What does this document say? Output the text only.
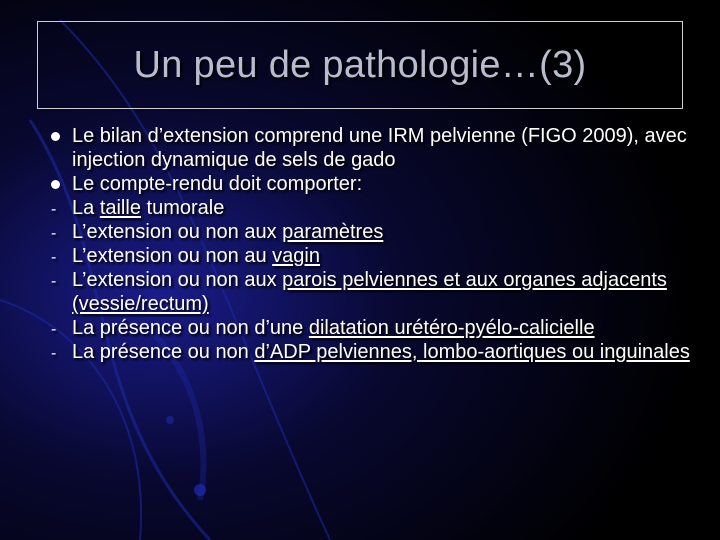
Un peu de pathologie…(3)
Le bilan d’extension comprend une IRM pelvienne (FIGO 2009), avec injection dynamique de sels de gado
Le compte-rendu doit comporter:
- La taille tumorale
- L’extension ou non aux paramètres
- L’extension ou non au vagin
- L’extension ou non aux parois pelviennes et aux organes adjacents (vessie/rectum)
- La présence ou non d’une dilatation urétéro-pyélo-calicielle
- La présence ou non d’ADP pelviennes, lombo-aortiques ou inguinales
